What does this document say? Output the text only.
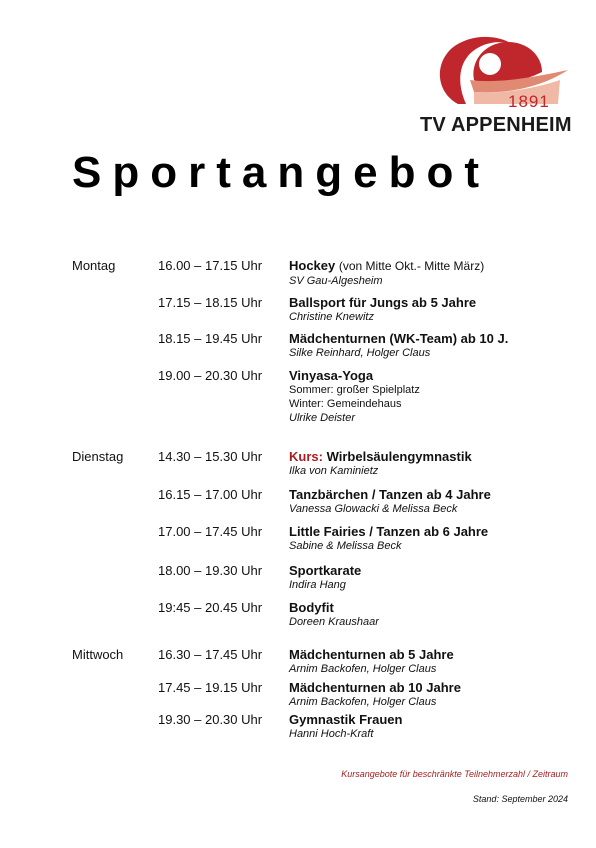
1891
TV APPENHEIM
Sportangebot
Montag	16.00 – 17.15 Uhr Hockey (von Mitte Okt.- Mitte März)
SV Gau-Algesheim
17.15 – 18.15 Uhr Ballsport für Jungs ab 5 Jahre
Christine Knewitz
18.15 – 19.45 Uhr Mädchenturnen (WK-Team) ab 10 J.
Silke Reinhard, Holger Claus
19.00 – 20.30 Uhr Vinyasa-Yoga
Sommer: großer Spielplatz
Winter: Gemeindehaus
Ulrike Deister
Dienstag	14.30 – 15.30 Uhr Kurs: Wirbelsäulengymnastik
Ilka von Kaminietz
16.15 – 17.00 Uhr Tanzbärchen / Tanzen ab 4 Jahre
Vanessa Glowacki & Melissa Beck
17.00 – 17.45 Uhr Little Fairies / Tanzen ab 6 Jahre
Sabine & Melissa Beck
18.00 – 19.30 Uhr Sportkarate
Indira Hang
19:45 – 20.45 Uhr Bodyfit
Doreen Kraushaar
Mittwoch	16.30 – 17.45 Uhr Mädchenturnen ab 5 Jahre
Arnim Backofen, Holger Claus
17.45 – 19.15 Uhr Mädchenturnen ab 10 Jahre
Arnim Backofen, Holger Claus
19.30 – 20.30 Uhr Gymnastik Frauen
Hanni Hoch-Kraft
Kursangebote für beschränkte Teilnehmerzahl / Zeitraum
Stand: September 2024
